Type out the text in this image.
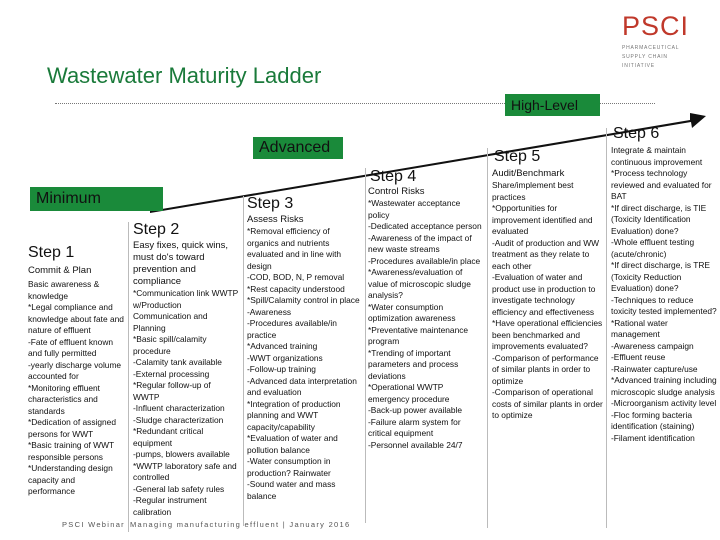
Wastewater Maturity Ladder
PSCI
PHARMACEUTICAL SUPPLY CHAIN INITIATIVE
High-Level
Advanced
Minimum
Step 6
Step 5
Step 4
Step 3
Step 2
Step 1
Commit & Plan
Basic awareness & knowledge
*Legal compliance and knowledge about fate and nature of effluent
-Fate of effluent known and fully permitted
-yearly discharge volume accounted for
*Monitoring effluent characteristics and standards
*Dedication of assigned persons for WWT
*Basic training of WWT responsible persons
*Understanding design capacity and performance
Easy fixes, quick wins, must do's toward prevention and compliance
*Communication link WWTP w/Production Communication and Planning
*Basic spill/calamity procedure
-Calamity tank available
-External processing
*Regular follow-up of WWTP
-Influent characterization
-Sludge characterization
*Redundant critical equipment
-pumps, blowers available
*WWTP laboratory safe and controlled
-General lab safety rules
-Regular instrument calibration
Assess Risks
*Removal efficiency of organics and nutrients evaluated and in line with design
-COD, BOD, N, P removal
*Rest capacity understood
*Spill/Calamity control in place
-Awareness
-Procedures available/in practice
*Advanced training
-WWT organizations
-Follow-up training
-Advanced data interpretation and evaluation
*Integration of production planning and WWT capacity/capability
*Evaluation of water and pollution balance
-Water consumption in production? Rainwater
-Sound water and mass balance
Control Risks
*Wastewater acceptance policy
-Dedicated acceptance person
-Awareness of the impact of new waste streams
-Procedures available/in place
*Awareness/evaluation of value of microscopic sludge analysis?
*Water consumption optimization awareness
*Preventative maintenance program
*Trending of important parameters and process deviations
*Operational WWTP emergency procedure
-Back-up power available
-Failure alarm system for critical equipment
-Personnel available 24/7
Audit/Benchmark
Share/implement best practices
*Opportunities for improvement identified and evaluated
-Audit of production and WW treatment as they relate to each other
-Evaluation of water and product use in production to investigate technology efficiency and effectiveness
*Have operational efficiencies been benchmarked and improvements evaluated?
-Comparison of performance of similar plants in order to optimize
-Comparison of operational costs of similar plants in order to optimize
Integrate & maintain continuous improvement
*Process technology reviewed and evaluated for BAT
*If direct discharge, is TIE (Toxicity Identification Evaluation) done?
-Whole effluent testing (acute/chronic)
*If direct discharge, is TRE (Toxicity Reduction Evaluation) done?
-Techniques to reduce toxicity tested implemented?
*Rational water management
-Awareness campaign
-Effluent reuse
-Rainwater capture/use
*Advanced training including microscopic sludge analysis
-Microorganism activity level
-Floc forming bacteria identification (staining)
-Filament identification
PSCI Webinar Managing manufacturing effluent | January 2016
